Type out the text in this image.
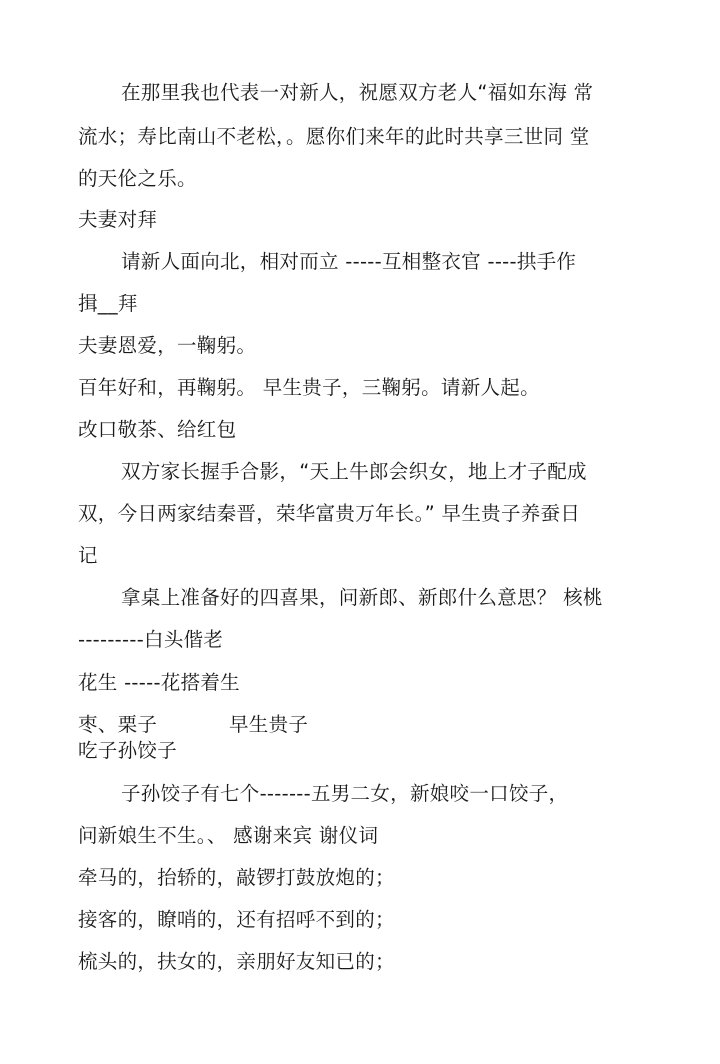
在那里我也代表一对新人，祝愿双方老人“福如东海 常
流水；寿比南山不老松，。愿你们来年的此时共享三世同 堂
的天伦之乐。
夫妻对拜
请新人面向北，相对而立 -----互相整衣官 ----拱手作
揖__拜
夫妻恩爱，一鞠躬。
百年好和，再鞠躬。 早生贵子，三鞠躬。请新人起。
改口敬茶、给红包
双方家长握手合影，“天上牛郎会织女，地上才子配成
双，今日两家结秦晋，荣华富贵万年长。” 早生贵子养蚕日
记
拿桌上准备好的四喜果，问新郎、新郎什么意思？ 核桃
---------白头偕老
花生 -----花搭着生
枣、栗子	早生贵子
吃子孙饺子
子孙饺子有七个-------五男二女，新娘咬一口饺子，
问新娘生不生。、 感谢来宾 谢仪词
牵马的，抬轿的，敲锣打鼓放炮的；
接客的，瞭哨的，还有招呼不到的；
梳头的，扶女的，亲朋好友知已的；
